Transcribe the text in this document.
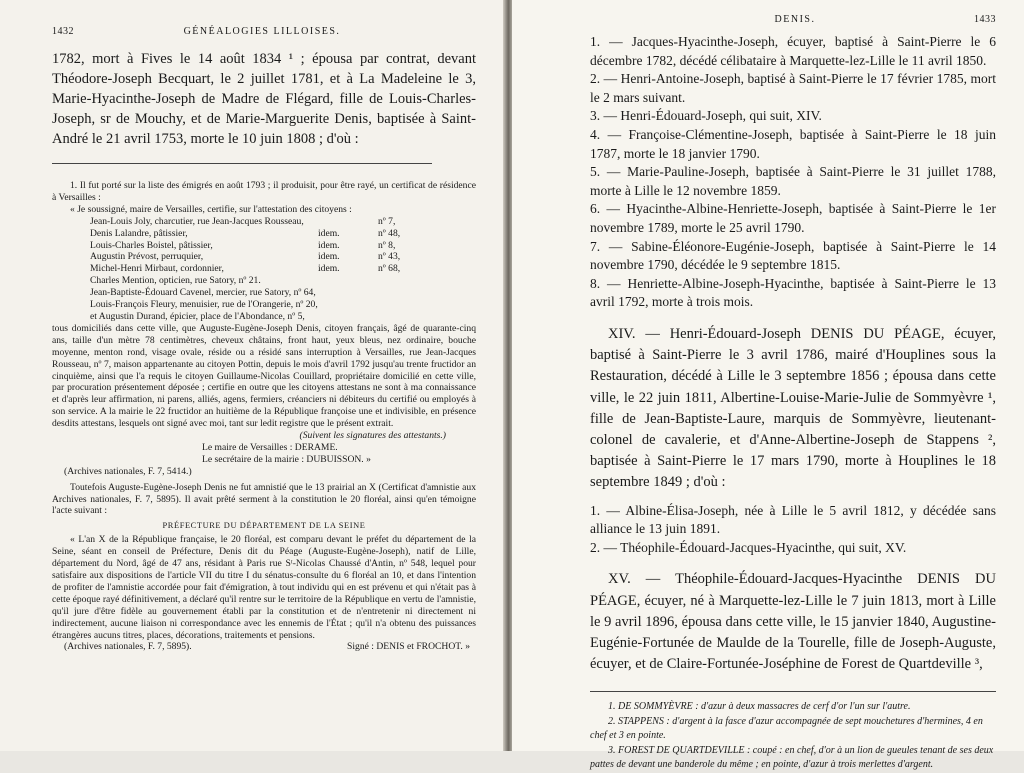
1432	GÉNÉALOGIES LILLOISES.

1782, mort à Fives le 14 août 1834 ¹ ; épousa par contrat, devant Théodore-Joseph Becquart, le 2 juillet 1781, et à La Madeleine le 3, Marie-Hyacinthe-Joseph de Madre de Flégard, fille de Louis-Charles-Joseph, sr de Mouchy, et de Marie-Marguerite Denis, baptisée à Saint-André le 21 avril 1753, morte le 10 juin 1808 ; d'où :

1. Il fut porté sur la liste des émigrés en août 1793 ; il produisit, pour être rayé, un certificat de résidence à Versailles :

« Je soussigné, maire de Versailles, certifie, sur l'attestation des citoyens :

Jean-Louis Joly, charcutier, rue Jean-Jacques Rousseau,	nº 7,
Denis Lalandre, pâtissier,	idem.	nº 48,
Louis-Charles Boistel, pâtissier,	idem.	nº 8,
Augustin Prévost, perruquier,	idem.	nº 43,
Michel-Henri Mirbaut, cordonnier,	idem.	nº 68,

Charles Mention, opticien, rue Satory, nº 21.

Jean-Baptiste-Édouard Cavenel, mercier, rue Satory, nº 64,

Louis-François Fleury, menuisier, rue de l'Orangerie, nº 20,

et Augustin Durand, épicier, place de l'Abondance, nº 5,

tous domiciliés dans cette ville, que Auguste-Eugène-Joseph Denis, citoyen français, âgé de quarante-cinq ans, taille d'un mètre 78 centimètres, cheveux châtains, front haut, yeux bleus, nez ordinaire, bouche moyenne, menton rond, visage ovale, réside ou a résidé sans interruption à Versailles, rue Jean-Jacques Rousseau, nº 7, maison appartenante au citoyen Pottin, depuis le mois d'avril 1792 jusqu'au trente fructidor an cinquième, ainsi que l'a requis le citoyen Guillaume-Nicolas Couillard, propriétaire domicilié en cette ville, par procuration présentement déposée ; certifie en outre que les citoyens attestans ne sont à ma connaissance et d'après leur affirmation, ni parens, alliés, agens, fermiers, créanciers ni débiteurs du certifié ou employés à son service. A la mairie le 22 fructidor an huitième de la République françoise une et indivisible, en présence desdits attestans, lesquels ont signé avec moi, tant sur ledit registre que le présent extrait.

(Suivent les signatures des attestants.)

Le maire de Versailles : DERAME.

Le secrétaire de la mairie : DUBUISSON. »

(Archives nationales, F. 7, 5414.)

Toutefois Auguste-Eugène-Joseph Denis ne fut amnistié que le 13 prairial an X (Certificat d'amnistie aux Archives nationales, F. 7, 5895). Il avait prêté serment à la constitution le 20 floréal, ainsi qu'en témoigne l'acte suivant :

PRÉFECTURE DU DÉPARTEMENT DE LA SEINE

« L'an X de la République française, le 20 floréal, est comparu devant le préfet du département de la Seine, séant en conseil de Préfecture, Denis dit du Péage (Auguste-Eugène-Joseph), natif de Lille, département du Nord, âgé de 47 ans, résidant à Paris rue Sᵗ-Nicolas Chaussé d'Antin, nº 548, lequel pour satisfaire aux dispositions de l'article VII du titre I du sénatus-consulte du 6 floréal an 10, et dans l'intention de profiter de l'amnistie accordée pour fait d'émigration, à tout individu qui en est prévenu et qui n'était pas à cette époque rayé définitivement, a déclaré qu'il rentre sur le territoire de la République en vertu de l'amnistie, qu'il jure d'être fidèle au gouvernement établi par la constitution et de n'entretenir ni directement ni indirectement, aucune liaison ni correspondance avec les ennemis de l'État ; qu'il n'a obtenu des puissances étrangères aucuns titres, places, décorations, traitements et pensions.

Signé : DENIS et FROCHOT. »

(Archives nationales, F. 7, 5895).

DENIS.	1433

1. — Jacques-Hyacinthe-Joseph, écuyer, baptisé à Saint-Pierre le 6 décembre 1782, décédé célibataire à Marquette-lez-Lille le 11 avril 1850.

2. — Henri-Antoine-Joseph, baptisé à Saint-Pierre le 17 février 1785, mort le 2 mars suivant.

3. — Henri-Édouard-Joseph, qui suit, XIV.

4. — Françoise-Clémentine-Joseph, baptisée à Saint-Pierre le 18 juin 1787, morte le 18 janvier 1790.

5. — Marie-Pauline-Joseph, baptisée à Saint-Pierre le 31 juillet 1788, morte à Lille le 12 novembre 1859.

6. — Hyacinthe-Albine-Henriette-Joseph, baptisée à Saint-Pierre le 1er novembre 1789, morte le 25 avril 1790.

7. — Sabine-Éléonore-Eugénie-Joseph, baptisée à Saint-Pierre le 14 novembre 1790, décédée le 9 septembre 1815.

8. — Henriette-Albine-Joseph-Hyacinthe, baptisée à Saint-Pierre le 13 avril 1792, morte à trois mois.

XIV. — Henri-Édouard-Joseph DENIS DU PÉAGE, écuyer, baptisé à Saint-Pierre le 3 avril 1786, mairé d'Houplines sous la Restauration, décédé à Lille le 3 septembre 1856 ; épousa dans cette ville, le 22 juin 1811, Albertine-Louise-Marie-Julie de Sommyèvre ¹, fille de Jean-Baptiste-Laure, marquis de Sommyèvre, lieutenant-colonel de cavalerie, et d'Anne-Albertine-Joseph de Stappens ², baptisée à Saint-Pierre le 17 mars 1790, morte à Houplines le 18 septembre 1849 ; d'où :

1. — Albine-Élisa-Joseph, née à Lille le 5 avril 1812, y décédée sans alliance le 13 juin 1891.

2. — Théophile-Édouard-Jacques-Hyacinthe, qui suit, XV.

XV. — Théophile-Édouard-Jacques-Hyacinthe DENIS DU PÉAGE, écuyer, né à Marquette-lez-Lille le 7 juin 1813, mort à Lille le 9 avril 1896, épousa dans cette ville, le 15 janvier 1840, Augustine-Eugénie-Fortunée de Maulde de la Tourelle, fille de Joseph-Auguste, écuyer, et de Claire-Fortunée-Joséphine de Forest de Quartdeville ³,

1. DE SOMMYÈVRE : d'azur à deux massacres de cerf d'or l'un sur l'autre.

2. STAPPENS : d'argent à la fasce d'azur accompagnée de sept mouchetures d'hermines, 4 en chef et 3 en pointe.

3. FOREST DE QUARTDEVILLE : coupé : en chef, d'or à un lion de gueules tenant de ses deux pattes de devant une banderole du même ; en pointe, d'azur à trois merlettes d'argent.
